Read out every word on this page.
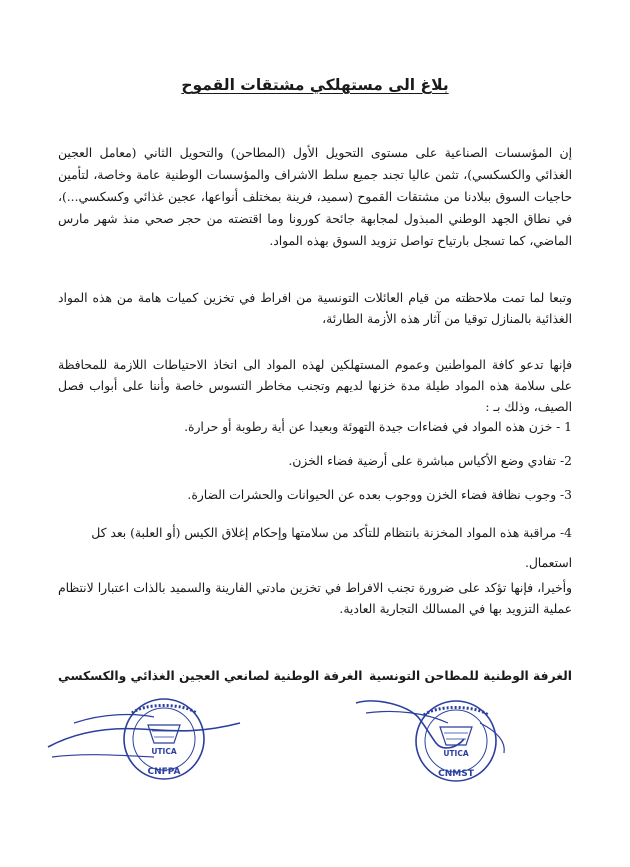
بلاغ الى مستهلكي مشتقات القموح
إن المؤسسات الصناعية على مستوى التحويل الأول (المطاحن) والتحويل الثاني (معامل العجين الغذائي والكسكسي)، تثمن عاليا تجند جميع سلط الاشراف والمؤسسات الوطنية عامة وخاصة، لتأمين حاجيات السوق ببلادنا من مشتقات القموح (سميد، فرينة بمختلف أنواعها، عجين غذائي وكسكسي...)، في نطاق الجهد الوطني المبذول لمجابهة جائحة كورونا وما اقتضته من حجر صحي منذ شهر مارس الماضي، كما تسجل بارتياح تواصل تزويد السوق بهذه المواد.
وتبعا لما تمت ملاحظته من قيام العائلات التونسية من افراط في تخزين كميات هامة من هذه المواد الغذائية بالمنازل توقيا من آثار هذه الأزمة الطارئة،
فإنها تدعو كافة المواطنين وعموم المستهلكين لهذه المواد الى اتخاذ الاحتياطات اللازمة للمحافظة على سلامة هذه المواد طيلة مدة خزنها لديهم وتجنب مخاطر التسوس خاصة وأننا على أبواب فصل الصيف، وذلك بـ :
1 - خزن هذه المواد في فضاءات جيدة التهوئة وبعيدا عن أية رطوبة أو حرارة.
2- تفادي وضع الأكياس مباشرة على أرضية فضاء الخزن.
3- وجوب نظافة فضاء الخزن ووجوب بعده عن الحيوانات والحشرات الضارة.
4- مراقبة هذه المواد المخزنة بانتظام للتأكد من سلامتها وإحكام إغلاق الكيس (أو العلبة) بعد كل استعمال.
وأخيرا، فإنها تؤكد على ضرورة تجنب الافراط في تخزين مادتي الفارينة والسميد بالذات اعتبارا لانتظام عملية التزويد بها في المسالك التجارية العادية.
الغرفة الوطنية للمطاحن التونسية
الغرفة الوطنية لصانعي العجين الغذائي والكسكسي
UTICA
CNFPA
UTICA
CNMST
